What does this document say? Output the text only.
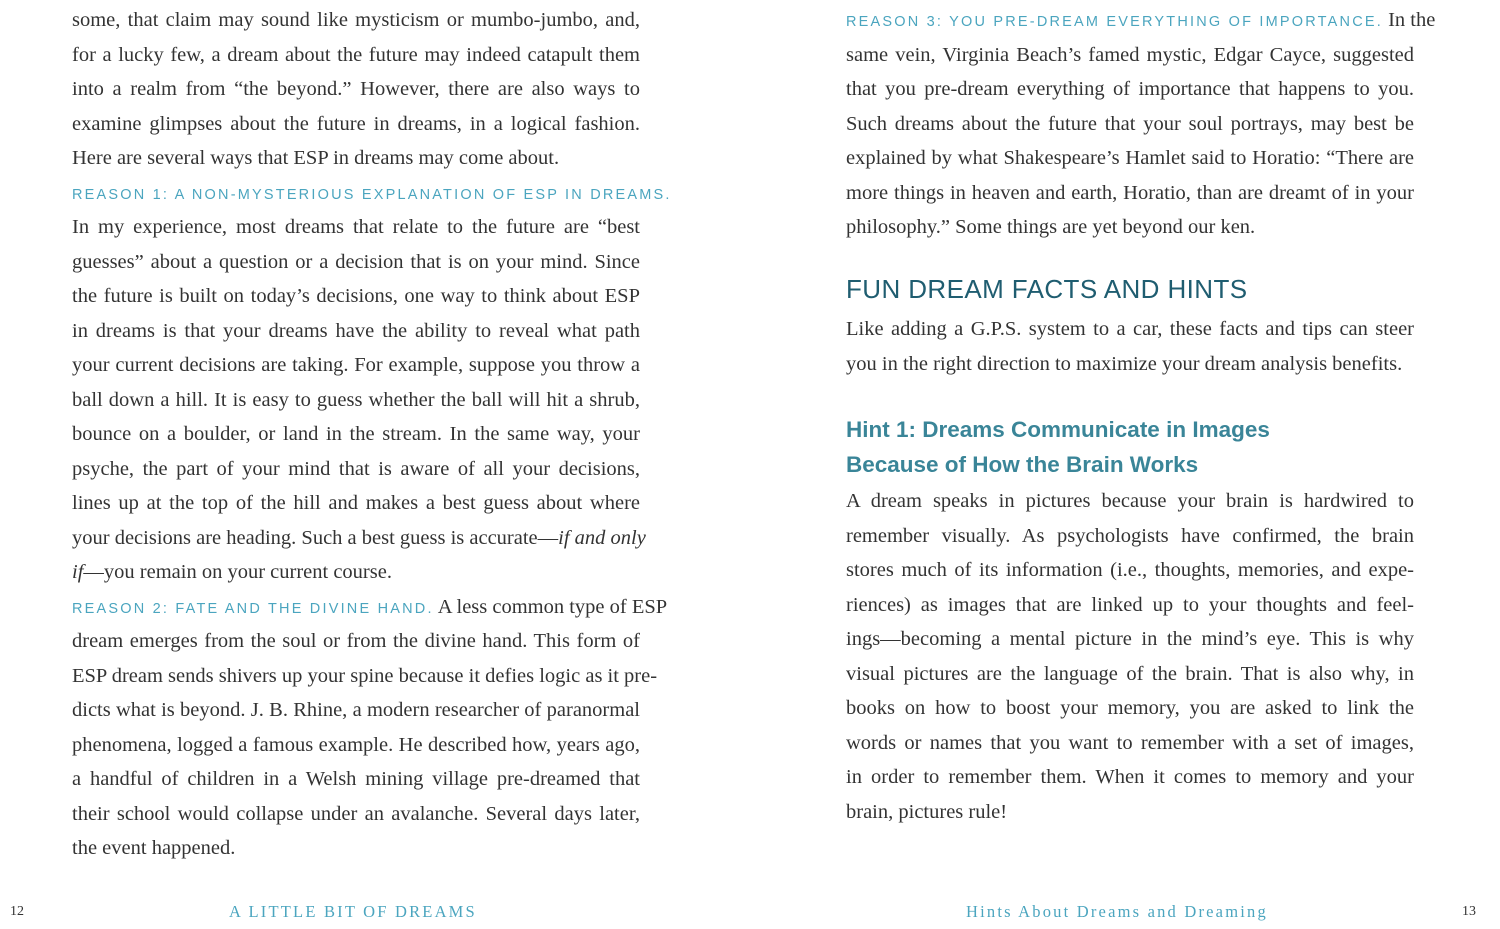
some, that claim may sound like mysticism or mumbo-jumbo, and,
for a lucky few, a dream about the future may indeed catapult them
into a realm from “the beyond.” However, there are also ways to
examine glimpses about the future in dreams, in a logical fashion.
Here are several ways that ESP in dreams may come about.
REASON 1: A NON-MYSTERIOUS EXPLANATION OF ESP IN DREAMS.
In my experience, most dreams that relate to the future are “best
guesses” about a question or a decision that is on your mind. Since
the future is built on today’s decisions, one way to think about ESP
in dreams is that your dreams have the ability to reveal what path
your current decisions are taking. For example, suppose you throw a
ball down a hill. It is easy to guess whether the ball will hit a shrub,
bounce on a boulder, or land in the stream. In the same way, your
psyche, the part of your mind that is aware of all your decisions,
lines up at the top of the hill and makes a best guess about where
your decisions are heading. Such a best guess is accurate—if and only
if—you remain on your current course.
REASON 2: FATE AND THE DIVINE HAND. A less common type of ESP
dream emerges from the soul or from the divine hand. This form of
ESP dream sends shivers up your spine because it defies logic as it pre-
dicts what is beyond. J. B. Rhine, a modern researcher of paranormal
phenomena, logged a famous example. He described how, years ago,
a handful of children in a Welsh mining village pre-dreamed that
their school would collapse under an avalanche. Several days later,
the event happened.
12	A LITTLE BIT OF DREAMS
REASON 3: YOU PRE-DREAM EVERYTHING OF IMPORTANCE. In the
same vein, Virginia Beach’s famed mystic, Edgar Cayce, suggested
that you pre-dream everything of importance that happens to you.
Such dreams about the future that your soul portrays, may best be
explained by what Shakespeare’s Hamlet said to Horatio: “There are
more things in heaven and earth, Horatio, than are dreamt of in your
philosophy.” Some things are yet beyond our ken.
FUN DREAM FACTS AND HINTS
Like adding a G.P.S. system to a car, these facts and tips can steer
you in the right direction to maximize your dream analysis benefits.
Hint 1: Dreams Communicate in Images
Because of How the Brain Works
A dream speaks in pictures because your brain is hardwired to
remember visually. As psychologists have confirmed, the brain
stores much of its information (i.e., thoughts, memories, and expe-
riences) as images that are linked up to your thoughts and feel-
ings—becoming a mental picture in the mind’s eye. This is why
visual pictures are the language of the brain. That is also why, in
books on how to boost your memory, you are asked to link the
words or names that you want to remember with a set of images,
in order to remember them. When it comes to memory and your
brain, pictures rule!
Hints About Dreams and Dreaming	13
